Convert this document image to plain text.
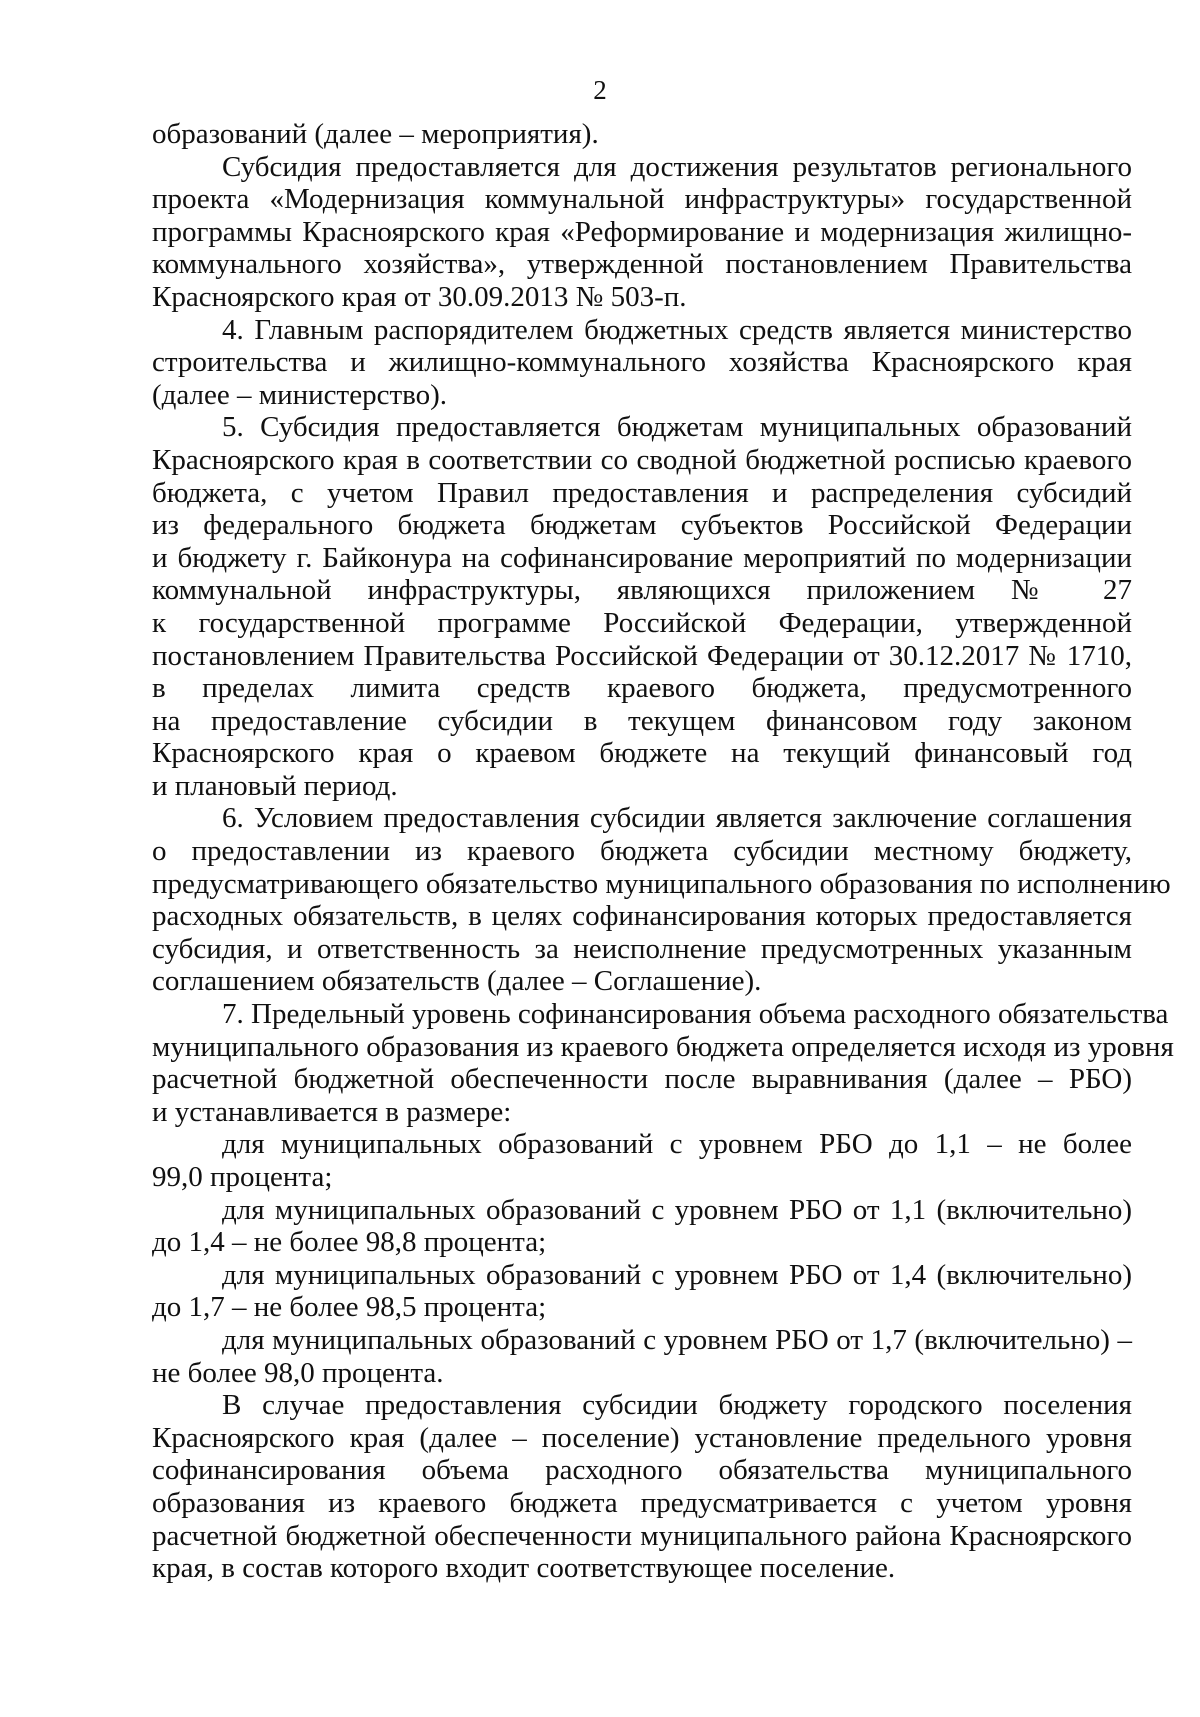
2
образований (далее – мероприятия).
Субсидия предоставляется для достижения результатов регионального
проекта «Модернизация коммунальной инфраструктуры» государственной
программы Красноярского края «Реформирование и модернизация жилищно-
коммунального хозяйства», утвержденной постановлением Правительства
Красноярского края от 30.09.2013 № 503-п.
4. Главным распорядителем бюджетных средств является министерство
строительства и жилищно-коммунального хозяйства Красноярского края
(далее – министерство).
5. Субсидия предоставляется бюджетам муниципальных образований
Красноярского края в соответствии со сводной бюджетной росписью краевого
бюджета, с учетом Правил предоставления и распределения субсидий
из федерального бюджета бюджетам субъектов Российской Федерации
и бюджету г. Байконура на софинансирование мероприятий по модернизации
коммунальной инфраструктуры, являющихся приложением № 27
к государственной программе Российской Федерации, утвержденной
постановлением Правительства Российской Федерации от 30.12.2017 № 1710,
в пределах лимита средств краевого бюджета, предусмотренного
на предоставление субсидии в текущем финансовом году законом
Красноярского края о краевом бюджете на текущий финансовый год
и плановый период.
6. Условием предоставления субсидии является заключение соглашения
о предоставлении из краевого бюджета субсидии местному бюджету,
предусматривающего обязательство муниципального образования по исполнению
расходных обязательств, в целях софинансирования которых предоставляется
субсидия, и ответственность за неисполнение предусмотренных указанным
соглашением обязательств (далее – Соглашение).
7. Предельный уровень софинансирования объема расходного обязательства
муниципального образования из краевого бюджета определяется исходя из уровня
расчетной бюджетной обеспеченности после выравнивания (далее – РБО)
и устанавливается в размере:
для муниципальных образований с уровнем РБО до 1,1 – не более
99,0 процента;
для муниципальных образований с уровнем РБО от 1,1 (включительно)
до 1,4 – не более 98,8 процента;
для муниципальных образований с уровнем РБО от 1,4 (включительно)
до 1,7 – не более 98,5 процента;
для муниципальных образований с уровнем РБО от 1,7 (включительно) –
не более 98,0 процента.
В случае предоставления субсидии бюджету городского поселения
Красноярского края (далее – поселение) установление предельного уровня
софинансирования объема расходного обязательства муниципального
образования из краевого бюджета предусматривается с учетом уровня
расчетной бюджетной обеспеченности муниципального района Красноярского
края, в состав которого входит соответствующее поселение.
